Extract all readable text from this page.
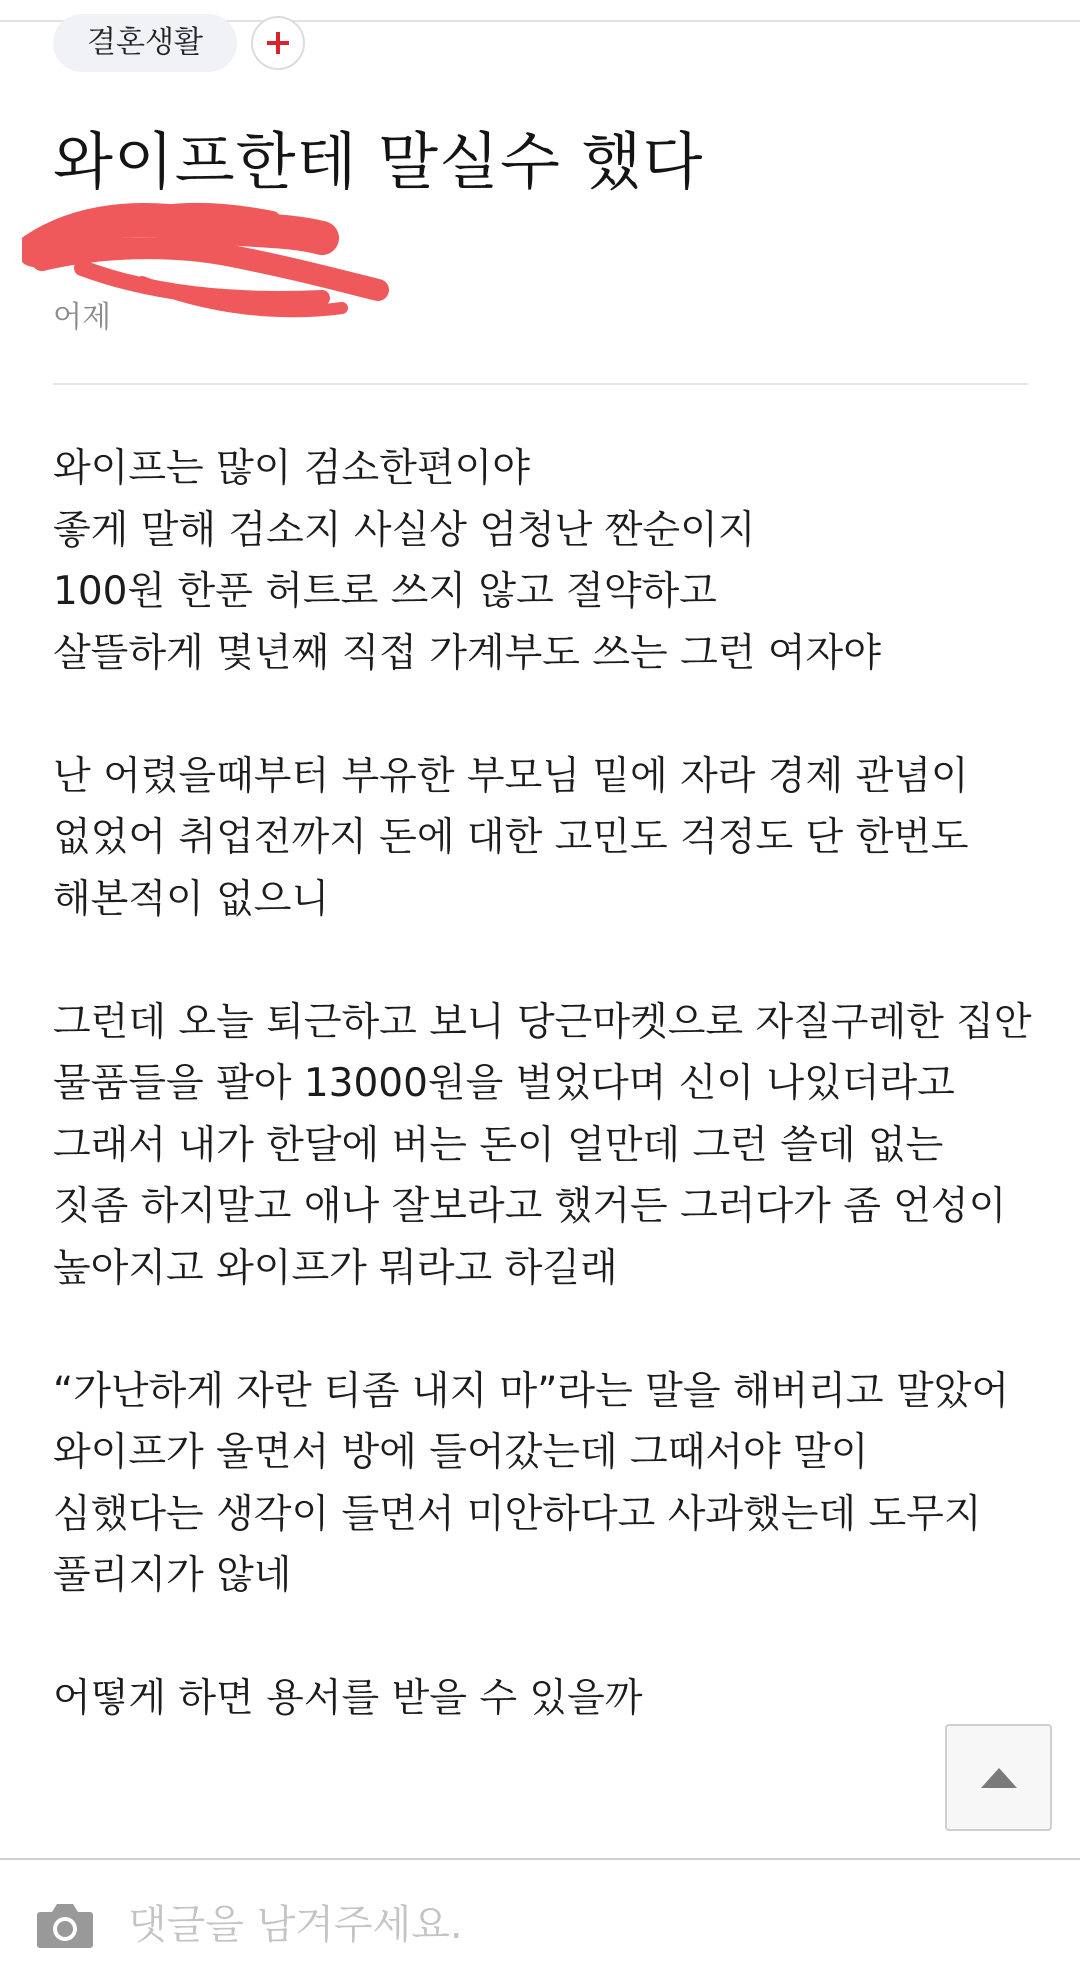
결혼생활
와이프한테 말실수 했다
어제
와이프는 많이 검소한편이야
좋게 말해 검소지 사실상 엄청난 짠순이지
100원 한푼 허트로 쓰지 않고 절약하고
살뜰하게 몇년째 직접 가계부도 쓰는 그런 여자야
난 어렸을때부터 부유한 부모님 밑에 자라 경제 관념이
없었어 취업전까지 돈에 대한 고민도 걱정도 단 한번도
해본적이 없으니
그런데 오늘 퇴근하고 보니 당근마켓으로 자질구레한 집안
물품들을 팔아 13000원을 벌었다며 신이 나있더라고
그래서 내가 한달에 버는 돈이 얼만데 그런 쓸데 없는
짓좀 하지말고 애나 잘보라고 했거든 그러다가 좀 언성이
높아지고 와이프가 뭐라고 하길래
“가난하게 자란 티좀 내지 마”라는 말을 해버리고 말았어
와이프가 울면서 방에 들어갔는데 그때서야 말이
심했다는 생각이 들면서 미안하다고 사과했는데 도무지
풀리지가 않네
어떻게 하면 용서를 받을 수 있을까
댓글을 남겨주세요.
